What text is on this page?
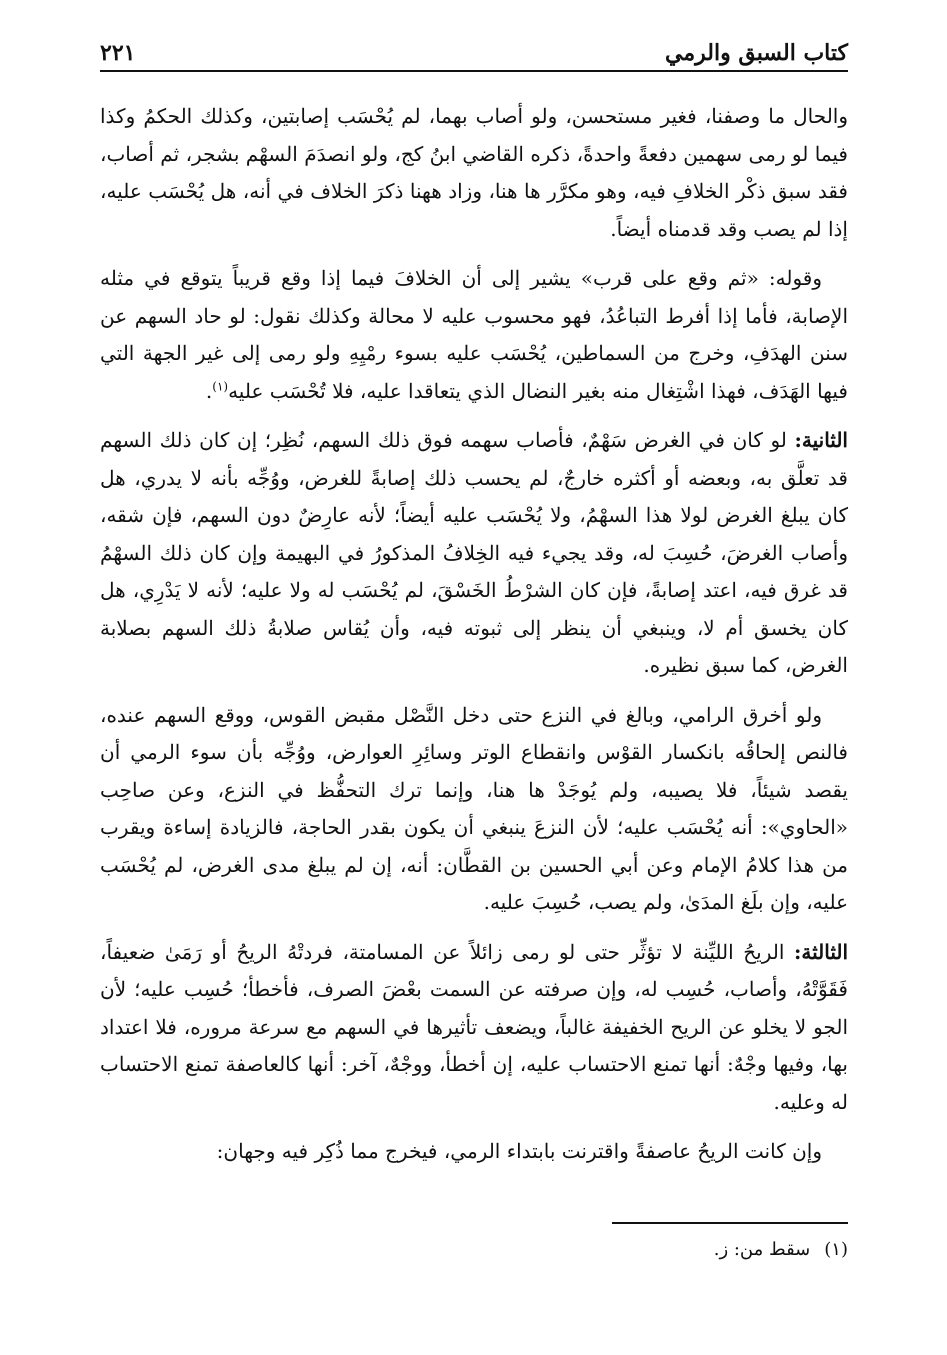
كتاب السبق والرمي
٢٢١

والحال ما وصفنا، فغير مستحسن، ولو أصاب بهما، لم يُحْسَب إصابتين، وكذلك الحكمُ وكذا فيما لو رمى سهمين دفعةً واحدةً، ذكره القاضي ابنُ كج، ولو انصدَمَ السهْم بشجر، ثم أصاب، فقد سبق ذكْر الخلافِ فيه، وهو مكرَّر ها هنا، وزاد ههنا ذكرَ الخلاف في أنه، هل يُحْسَب عليه، إذا لم يصب وقد قدمناه أيضاً.

وقوله: «ثم وقع على قرب» يشير إلى أن الخلافَ فيما إذا وقع قريباً يتوقع في مثله الإصابة، فأما إذا أفرط التباعُدُ، فهو محسوب عليه لا محالة وكذلك نقول: لو حاد السهم عن سنن الهدَفِ، وخرج من السماطين، يُحْسَب عليه بسوء رمْيِهِ ولو رمى إلى غير الجهة التي فيها الهَدَف، فهذا اشْتِغال منه بغير النضال الذي يتعاقدا عليه، فلا تُحْسَب عليه$^{(١)}$.

الثانية: لو كان في الغرض سَهْمٌ، فأصاب سهمه فوق ذلك السهم، نُظِر؛ إن كان ذلك السهم قد تعلَّق به، وبعضه أو أكثره خارجٌ، لم يحسب ذلك إصابةً للغرض، ووُجِّه بأنه لا يدري، هل كان يبلغ الغرض لولا هذا السهْمُ، ولا يُحْسَب عليه أيضاً؛ لأنه عارِضٌ دون السهم، فإن شقه، وأصاب الغرضَ، حُسِبَ له، وقد يجيء فيه الخِلافُ المذكورُ في البهيمة وإن كان ذلك السهْمُ قد غرق فيه، اعتد إصابةً، فإن كان الشرْطُ الخَسْقَ، لم يُحْسَب له ولا عليه؛ لأنه لا يَدْرِي، هل كان يخسق أم لا، وينبغي أن ينظر إلى ثبوته فيه، وأن يُقاس صلابةُ ذلك السهم بصلابة الغرض، كما سبق نظيره.

ولو أخرق الرامي، وبالغ في النزع حتى دخل النَّصْل مقبض القوس، ووقع السهم عنده، فالنص إلحاقُه بانكسار القوْس وانقطاع الوتر وسائِرِ العوارض، ووُجِّه بأن سوء الرمي أن يقصد شيئاً، فلا يصيبه، ولم يُوجَدْ ها هنا، وإنما ترك التحفُّظ في النزع، وعن صاحِب «الحاوي»: أنه يُحْسَب عليه؛ لأن النزعَ ينبغي أن يكون بقدر الحاجة، فالزيادة إساءة ويقرب من هذا كلامُ الإمام وعن أبي الحسين بن القطَّان: أنه، إن لم يبلغ مدى الغرض، لم يُحْسَب عليه، وإن بلَغ المدَىٰ، ولم يصب، حُسِبَ عليه.

الثالثة: الريحُ الليِّنة لا تؤثِّر حتى لو رمى زائلاً عن المسامتة، فردتْهُ الريحُ أو رَمَىٰ ضعيفاً، فَقَوَّتْهُ، وأصاب، حُسِب له، وإن صرفته عن السمت بعْضَ الصرف، فأخطأ؛ حُسِب عليه؛ لأن الجو لا يخلو عن الريح الخفيفة غالباً، ويضعف تأثيرها في السهم مع سرعة مروره، فلا اعتداد بها، وفيها وجْهٌ: أنها تمنع الاحتساب عليه، إن أخطأ، ووجْهٌ، آخر: أنها كالعاصفة تمنع الاحتساب له وعليه.

وإن كانت الريحُ عاصفةً واقترنت بابتداء الرمي، فيخرج مما ذُكِر فيه وجهان:

(١)سقط من: ز.
